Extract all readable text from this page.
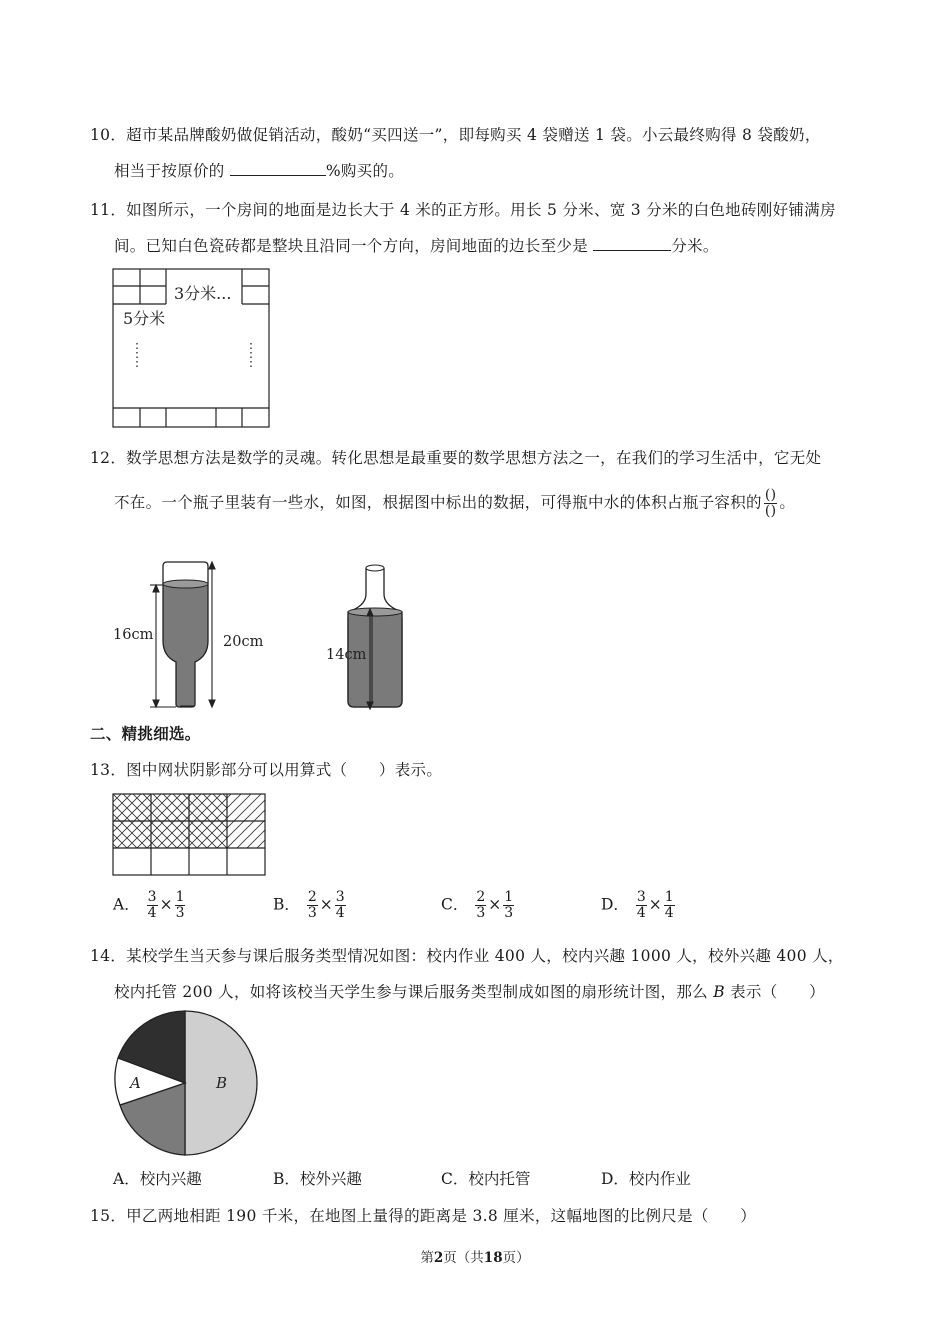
10．超市某品牌酸奶做促销活动，酸奶“买四送一”，即每购买 4 袋赠送 1 袋。小云最终购得 8 袋酸奶，
相当于按原价的	%购买的。
11．如图所示，一个房间的地面是边长大于 4 米的正方形。用长 5 分米、宽 3 分米的白色地砖刚好铺满房
间。已知白色瓷砖都是整块且沿同一个方向，房间地面的边长至少是	分米。
3分米...
5分米
12．数学思想方法是数学的灵魂。转化思想是最重要的数学思想方法之一，在我们的学习生活中，它无处
不在。一个瓶子里装有一些水，如图，根据图中标出的数据，可得瓶中水的体积占瓶子容积的 $\frac{()}{()}$ 。
16cm	20cm
14cm
二、精挑细选。
13．图中网状阴影部分可以用算式（　　）表示。
A． $\frac{3}{4} \times \frac{1}{3}$	B． $\frac{2}{3} \times \frac{3}{4}$	C． $\frac{2}{3} \times \frac{1}{3}$	D． $\frac{3}{4} \times \frac{1}{4}$
14．某校学生当天参与课后服务类型情况如图：校内作业 400 人，校内兴趣 1000 人，校外兴趣 400 人，
校内托管 200 人，如将该校当天学生参与课后服务类型制成如图的扇形统计图，那么 B 表示（　　）
A	B
A．校内兴趣	B．校外兴趣	C．校内托管	D．校内作业
15．甲乙两地相距 190 千米，在地图上量得的距离是 3.8 厘米，这幅地图的比例尺是（　　）
第2页（共18页）
